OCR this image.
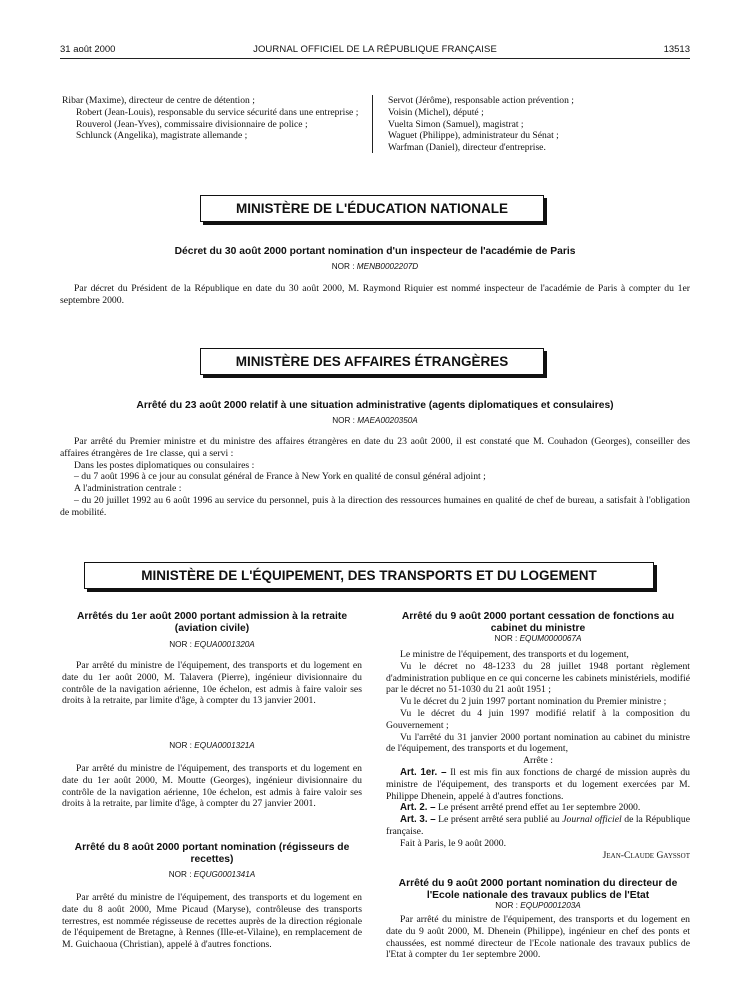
31 août 2000	JOURNAL OFFICIEL DE LA RÉPUBLIQUE FRANÇAISE	13513

Ribar (Maxime), directeur de centre de détention ;

Robert (Jean-Louis), responsable du service sécurité dans une entreprise ;

Rouverol (Jean-Yves), commissaire divisionnaire de police ;

Schlunck (Angelika), magistrate allemande ;

Servot (Jérôme), responsable action prévention ;

Voisin (Michel), député ;

Vuelta Simon (Samuel), magistrat ;

Waguet (Philippe), administrateur du Sénat ;

Warfman (Daniel), directeur d'entreprise.

MINISTÈRE DE L'ÉDUCATION NATIONALE
Décret du 30 août 2000 portant nomination d'un inspecteur de l'académie de Paris
NOR : MENB0002207D

Par décret du Président de la République en date du 30 août 2000, M. Raymond Riquier est nommé inspecteur de l'académie de Paris à compter du 1er septembre 2000.

MINISTÈRE DES AFFAIRES ÉTRANGÈRES
Arrêté du 23 août 2000 relatif à une situation administrative (agents diplomatiques et consulaires)
NOR : MAEA0020350A

Par arrêté du Premier ministre et du ministre des affaires étrangères en date du 23 août 2000, il est constaté que M. Couhadon (Georges), conseiller des affaires étrangères de 1re classe, qui a servi :

Dans les postes diplomatiques ou consulaires :

– du 7 août 1996 à ce jour au consulat général de France à New York en qualité de consul général adjoint ;

A l'administration centrale :

– du 20 juillet 1992 au 6 août 1996 au service du personnel, puis à la direction des ressources humaines en qualité de chef de bureau, a satisfait à l'obligation de mobilité.

MINISTÈRE DE L'ÉQUIPEMENT, DES TRANSPORTS ET DU LOGEMENT
Arrêtés du 1er août 2000 portant admission à la retraite (aviation civile)
NOR : EQUA0001320A

Par arrêté du ministre de l'équipement, des transports et du logement en date du 1er août 2000, M. Talavera (Pierre), ingénieur divisionnaire du contrôle de la navigation aérienne, 10e échelon, est admis à faire valoir ses droits à la retraite, par limite d'âge, à compter du 13 janvier 2001.

NOR : EQUA0001321A

Par arrêté du ministre de l'équipement, des transports et du logement en date du 1er août 2000, M. Moutte (Georges), ingénieur divisionnaire du contrôle de la navigation aérienne, 10e échelon, est admis à faire valoir ses droits à la retraite, par limite d'âge, à compter du 27 janvier 2001.

Arrêté du 8 août 2000 portant nomination (régisseurs de recettes)
NOR : EQUG0001341A

Par arrêté du ministre de l'équipement, des transports et du logement en date du 8 août 2000, Mme Picaud (Maryse), contrôleuse des transports terrestres, est nommée régisseuse de recettes auprès de la direction régionale de l'équipement de Bretagne, à Rennes (Ille-et-Vilaine), en remplacement de M. Guichaoua (Christian), appelé à d'autres fonctions.

Arrêté du 9 août 2000 portant cessation de fonctions au cabinet du ministre
NOR : EQUM0000067A

Le ministre de l'équipement, des transports et du logement,

Vu le décret no 48-1233 du 28 juillet 1948 portant règlement d'administration publique en ce qui concerne les cabinets ministériels, modifié par le décret no 51-1030 du 21 août 1951 ;

Vu le décret du 2 juin 1997 portant nomination du Premier ministre ;

Vu le décret du 4 juin 1997 modifié relatif à la composition du Gouvernement ;

Vu l'arrêté du 31 janvier 2000 portant nomination au cabinet du ministre de l'équipement, des transports et du logement,

Arrête :

Art. 1er. – Il est mis fin aux fonctions de chargé de mission auprès du ministre de l'équipement, des transports et du logement exercées par M. Philippe Dhenein, appelé à d'autres fonctions.

Art. 2. – Le présent arrêté prend effet au 1er septembre 2000.

Art. 3. – Le présent arrêté sera publié au Journal officiel de la République française.

Fait à Paris, le 9 août 2000.

Jean-Claude Gayssot

Arrêté du 9 août 2000 portant nomination du directeur de l'Ecole nationale des travaux publics de l'Etat
NOR : EQUP0001203A

Par arrêté du ministre de l'équipement, des transports et du logement en date du 9 août 2000, M. Dhenein (Philippe), ingénieur en chef des ponts et chaussées, est nommé directeur de l'Ecole nationale des travaux publics de l'Etat à compter du 1er septembre 2000.
